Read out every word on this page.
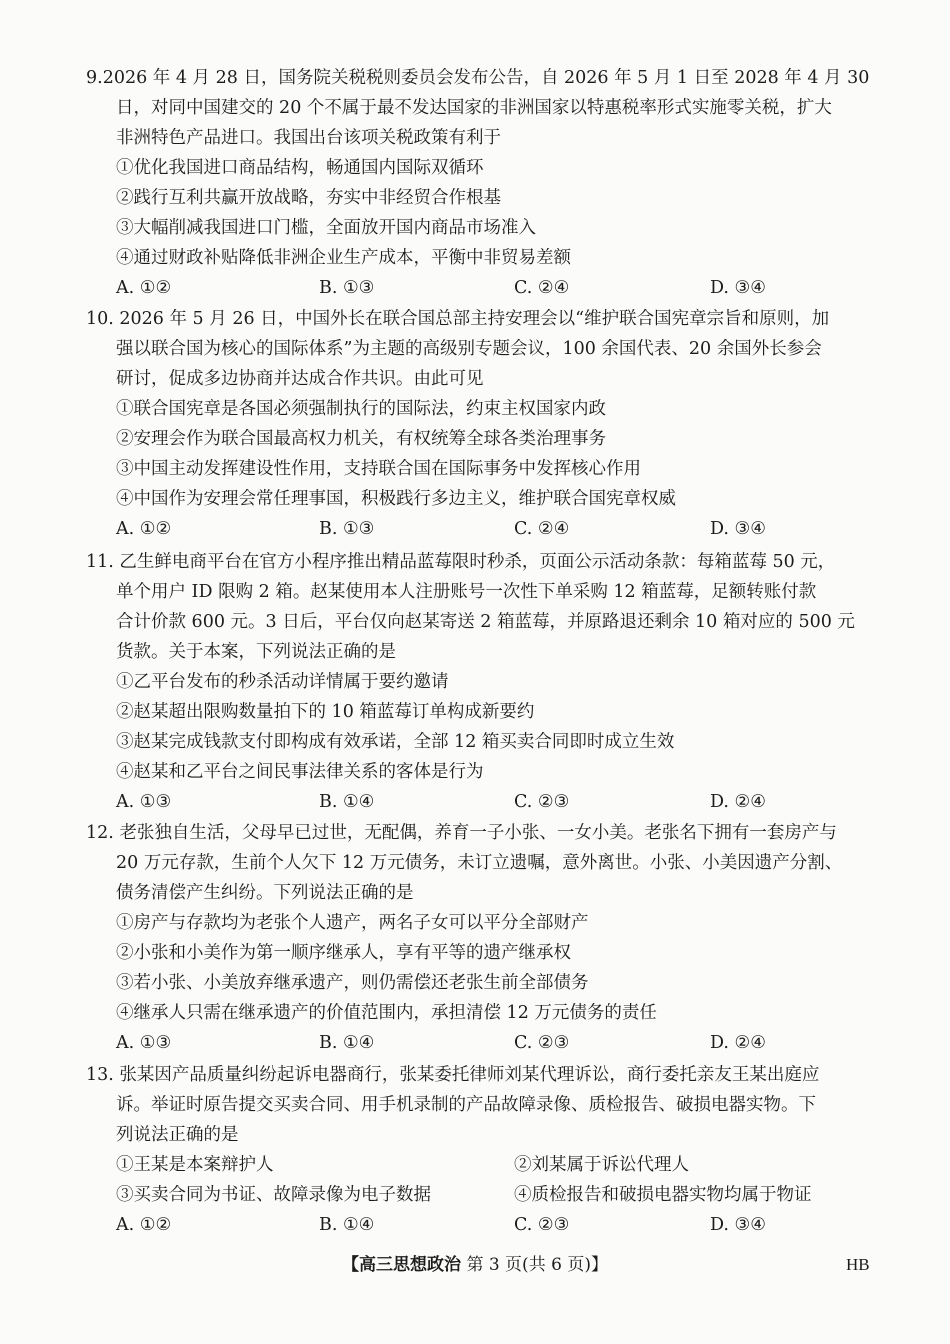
9.2026 年 4 月 28 日，国务院关税税则委员会发布公告，自 2026 年 5 月 1 日至 2028 年 4 月 30
日，对同中国建交的 20 个不属于最不发达国家的非洲国家以特惠税率形式实施零关税，扩大
非洲特色产品进口。我国出台该项关税政策有利于
①优化我国进口商品结构，畅通国内国际双循环
②践行互利共赢开放战略，夯实中非经贸合作根基
③大幅削减我国进口门槛，全面放开国内商品市场准入
④通过财政补贴降低非洲企业生产成本，平衡中非贸易差额
A. ①②	B. ①③	C. ②④	D. ③④
10. 2026 年 5 月 26 日，中国外长在联合国总部主持安理会以“维护联合国宪章宗旨和原则，加
强以联合国为核心的国际体系”为主题的高级别专题会议，100 余国代表、20 余国外长参会
研讨，促成多边协商并达成合作共识。由此可见
①联合国宪章是各国必须强制执行的国际法，约束主权国家内政
②安理会作为联合国最高权力机关，有权统筹全球各类治理事务
③中国主动发挥建设性作用，支持联合国在国际事务中发挥核心作用
④中国作为安理会常任理事国，积极践行多边主义，维护联合国宪章权威
A. ①②	B. ①③	C. ②④	D. ③④
11. 乙生鲜电商平台在官方小程序推出精品蓝莓限时秒杀，页面公示活动条款：每箱蓝莓 50 元，
单个用户 ID 限购 2 箱。赵某使用本人注册账号一次性下单采购 12 箱蓝莓，足额转账付款
合计价款 600 元。3 日后，平台仅向赵某寄送 2 箱蓝莓，并原路退还剩余 10 箱对应的 500 元
货款。关于本案，下列说法正确的是
①乙平台发布的秒杀活动详情属于要约邀请
②赵某超出限购数量拍下的 10 箱蓝莓订单构成新要约
③赵某完成钱款支付即构成有效承诺，全部 12 箱买卖合同即时成立生效
④赵某和乙平台之间民事法律关系的客体是行为
A. ①③	B. ①④	C. ②③	D. ②④
12. 老张独自生活，父母早已过世，无配偶，养育一子小张、一女小美。老张名下拥有一套房产与
20 万元存款，生前个人欠下 12 万元债务，未订立遗嘱，意外离世。小张、小美因遗产分割、
债务清偿产生纠纷。下列说法正确的是
①房产与存款均为老张个人遗产，两名子女可以平分全部财产
②小张和小美作为第一顺序继承人，享有平等的遗产继承权
③若小张、小美放弃继承遗产，则仍需偿还老张生前全部债务
④继承人只需在继承遗产的价值范围内，承担清偿 12 万元债务的责任
A. ①③	B. ①④	C. ②③	D. ②④
13. 张某因产品质量纠纷起诉电器商行，张某委托律师刘某代理诉讼，商行委托亲友王某出庭应
诉。举证时原告提交买卖合同、用手机录制的产品故障录像、质检报告、破损电器实物。下
列说法正确的是
①王某是本案辩护人	②刘某属于诉讼代理人
③买卖合同为书证、故障录像为电子数据	④质检报告和破损电器实物均属于物证
A. ①②	B. ①④	C. ②③	D. ③④
【高三思想政治 第 3 页(共 6 页)】	HB
